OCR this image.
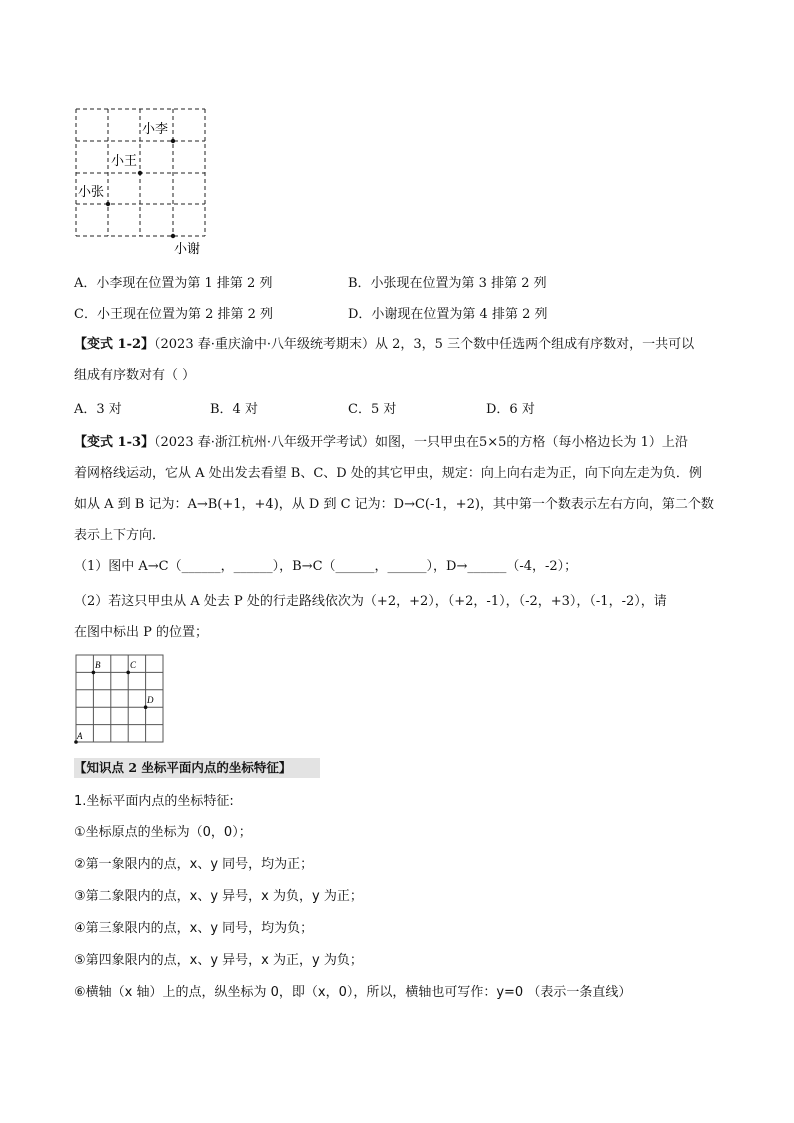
小李
小王
小张
小谢
A．小李现在位置为第 1 排第 2 列	B．小张现在位置为第 3 排第 2 列
C．小王现在位置为第 2 排第 2 列	D．小谢现在位置为第 4 排第 2 列
【变式 1-2】（2023 春·重庆渝中·八年级统考期末）从 2，3，5 三个数中任选两个组成有序数对，一共可以
组成有序数对有（ ）
A．3 对	B．4 对	C．5 对	D．6 对
【变式 1-3】（2023 春·浙江杭州·八年级开学考试）如图，一只甲虫在5×5的方格（每小格边长为 1）上沿
着网格线运动，它从 A 处出发去看望 B、C、D 处的其它甲虫，规定：向上向右走为正，向下向左走为负．例
如从 A 到 B 记为：A→B(+1，+4)，从 D 到 C 记为：D→C(-1，+2)，其中第一个数表示左右方向，第二个数
表示上下方向．
（1）图中 A→C（______，______），B→C（______，______），D→______（-4，-2）；
（2）若这只甲虫从 A 处去 P 处的行走路线依次为（+2，+2），（+2，-1），（-2，+3），（-1，-2），请
在图中标出 P 的位置；
B	C
D
A
【知识点 2 坐标平面内点的坐标特征】
1.坐标平面内点的坐标特征:
①坐标原点的坐标为（0，0）；
②第一象限内的点，x、y 同号，均为正；
③第二象限内的点，x、y 异号，x 为负，y 为正；
④第三象限内的点，x、y 同号，均为负；
⑤第四象限内的点，x、y 异号，x 为正，y 为负；
⑥横轴（x 轴）上的点，纵坐标为 0，即（x，0），所以，横轴也可写作：y=0 （表示一条直线）
